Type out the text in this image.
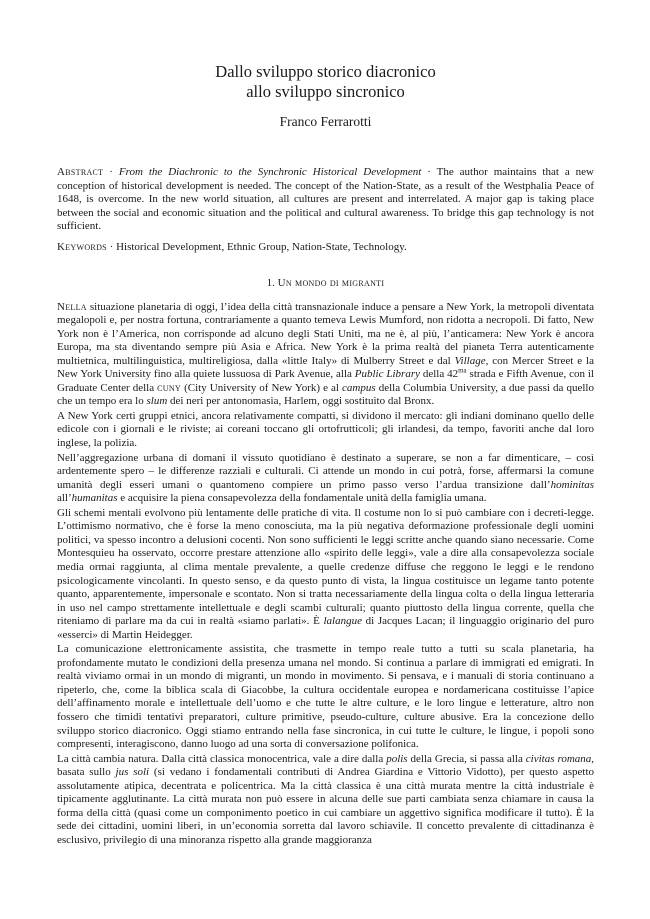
Dallo sviluppo storico diacronico
allo sviluppo sincronico
Franco Ferrarotti
Abstract · From the Diachronic to the Synchronic Historical Development · The author maintains that a new conception of historical development is needed. The concept of the Nation-State, as a result of the Westphalia Peace of 1648, is overcome. In the new world situation, all cultures are present and interrelated. A major gap is taking place between the social and economic situation and the political and cultural awareness. To bridge this gap technology is not sufficient.
Keywords · Historical Development, Ethnic Group, Nation-State, Technology.
1. Un mondo di migranti

Nella situazione planetaria di oggi, l’idea della città transnazionale induce a pensare a New York, la metropoli diventata megalopoli e, per nostra fortuna, contrariamente a quanto temeva Lewis Mumford, non ridotta a necropoli. Di fatto, New York non è l’America, non corrisponde ad alcuno degli Stati Uniti, ma ne è, al più, l’anticamera: New York è ancora Europa, ma sta diventando sempre più Asia e Africa. New York è la prima realtà del pianeta Terra autenticamente multietnica, multilinguistica, multireligiosa, dalla «little Italy» di Mulberry Street e dal Village, con Mercer Street e la New York University fino alla quiete lussuosa di Park Avenue, alla Public Library della $42^{ma}$ strada e Fifth Avenue, con il Graduate Center della cuny (City University of New York) e al campus della Columbia University, a due passi da quello che un tempo era lo slum dei neri per antonomasia, Harlem, oggi sostituito dal Bronx.

A New York certi gruppi etnici, ancora relativamente compatti, si dividono il mercato: gli indiani dominano quello delle edicole con i giornali e le riviste; ai coreani toccano gli ortofrutticoli; gli irlandesi, da tempo, favoriti anche dal loro inglese, la polizia.

Nell’aggregazione urbana di domani il vissuto quotidiano è destinato a superare, se non a far dimenticare, – così ardentemente spero – le differenze razziali e culturali. Ci attende un mondo in cui potrà, forse, affermarsi la comune umanità degli esseri umani o quantomeno compiere un primo passo verso l’ardua transizione dall’hominitas all’humanitas e acquisire la piena consapevolezza della fondamentale unità della famiglia umana.

Gli schemi mentali evolvono più lentamente delle pratiche di vita. Il costume non lo si può cambiare con i decreti-legge. L’ottimismo normativo, che è forse la meno conosciuta, ma la più negativa deformazione professionale degli uomini politici, va spesso incontro a delusioni cocenti. Non sono sufficienti le leggi scritte anche quando siano necessarie. Come Montesquieu ha osservato, occorre prestare attenzione allo «spirito delle leggi», vale a dire alla consapevolezza sociale media ormai raggiunta, al clima mentale prevalente, a quelle credenze diffuse che reggono le leggi e le rendono psicologicamente vincolanti. In questo senso, e da questo punto di vista, la lingua costituisce un legame tanto potente quanto, apparentemente, impersonale e scontato. Non si tratta necessariamente della lingua colta o della lingua letteraria in uso nel campo strettamente intellettuale e degli scambi culturali; quanto piuttosto della lingua corrente, quella che riteniamo di parlare ma da cui in realtà «siamo parlati». È lalangue di Jacques Lacan; il linguaggio originario del puro «esserci» di Martin Heidegger.

La comunicazione elettronicamente assistita, che trasmette in tempo reale tutto a tutti su scala planetaria, ha profondamente mutato le condizioni della presenza umana nel mondo. Si continua a parlare di immigrati ed emigrati. In realtà viviamo ormai in un mondo di migranti, un mondo in movimento. Si pensava, e i manuali di storia continuano a ripeterlo, che, come la biblica scala di Giacobbe, la cultura occidentale europea e nordamericana costituisse l’apice dell’affinamento morale e intellettuale dell’uomo e che tutte le altre culture, e le loro lingue e letterature, altro non fossero che timidi tentativi preparatori, culture primitive, pseudo-culture, culture abusive. Era la concezione dello sviluppo storico diacronico. Oggi stiamo entrando nella fase sincronica, in cui tutte le culture, le lingue, i popoli sono compresenti, interagiscono, danno luogo ad una sorta di conversazione polifonica.

La città cambia natura. Dalla città classica monocentrica, vale a dire dalla polis della Grecia, si passa alla civitas romana, basata sullo jus soli (si vedano i fondamentali contributi di Andrea Giardina e Vittorio Vidotto), per questo aspetto assolutamente atipica, decentrata e policentrica. Ma la città classica è una città murata mentre la città industriale è tipicamente agglutinante. La città murata non può essere in alcuna delle sue parti cambiata senza chiamare in causa la forma della città (quasi come un componimento poetico in cui cambiare un aggettivo significa modificare il tutto). È la sede dei cittadini, uomini liberi, in un’economia sorretta dal lavoro schiavile. Il concetto prevalente di cittadinanza è esclusivo, privilegio di una minoranza rispetto alla grande maggioranza
